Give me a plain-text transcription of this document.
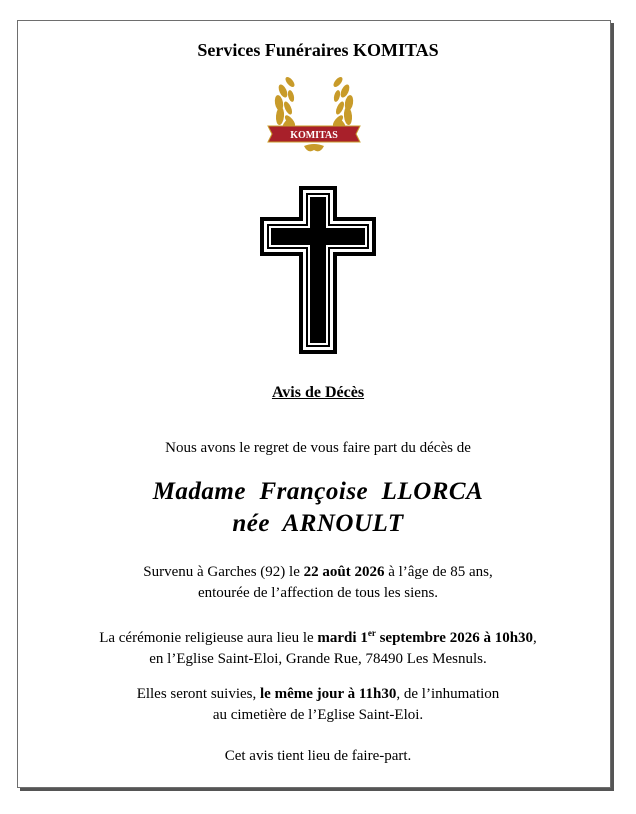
Services Funéraires KOMITAS
KOMITAS
Avis de Décès
Nous avons le regret de vous faire part du décès de
Madame  Françoise  LLORCA
née  ARNOULT
Survenu à Garches (92) le 22 août 2026 à l’âge de 85 ans,
entourée de l’affection de tous les siens.
La cérémonie religieuse aura lieu le mardi 1er septembre 2026 à 10h30,
en l’Eglise Saint-Eloi, Grande Rue, 78490 Les Mesnuls.
Elles seront suivies, le même jour à 11h30, de l’inhumation
au cimetière de l’Eglise Saint-Eloi.
Cet avis tient lieu de faire-part.
